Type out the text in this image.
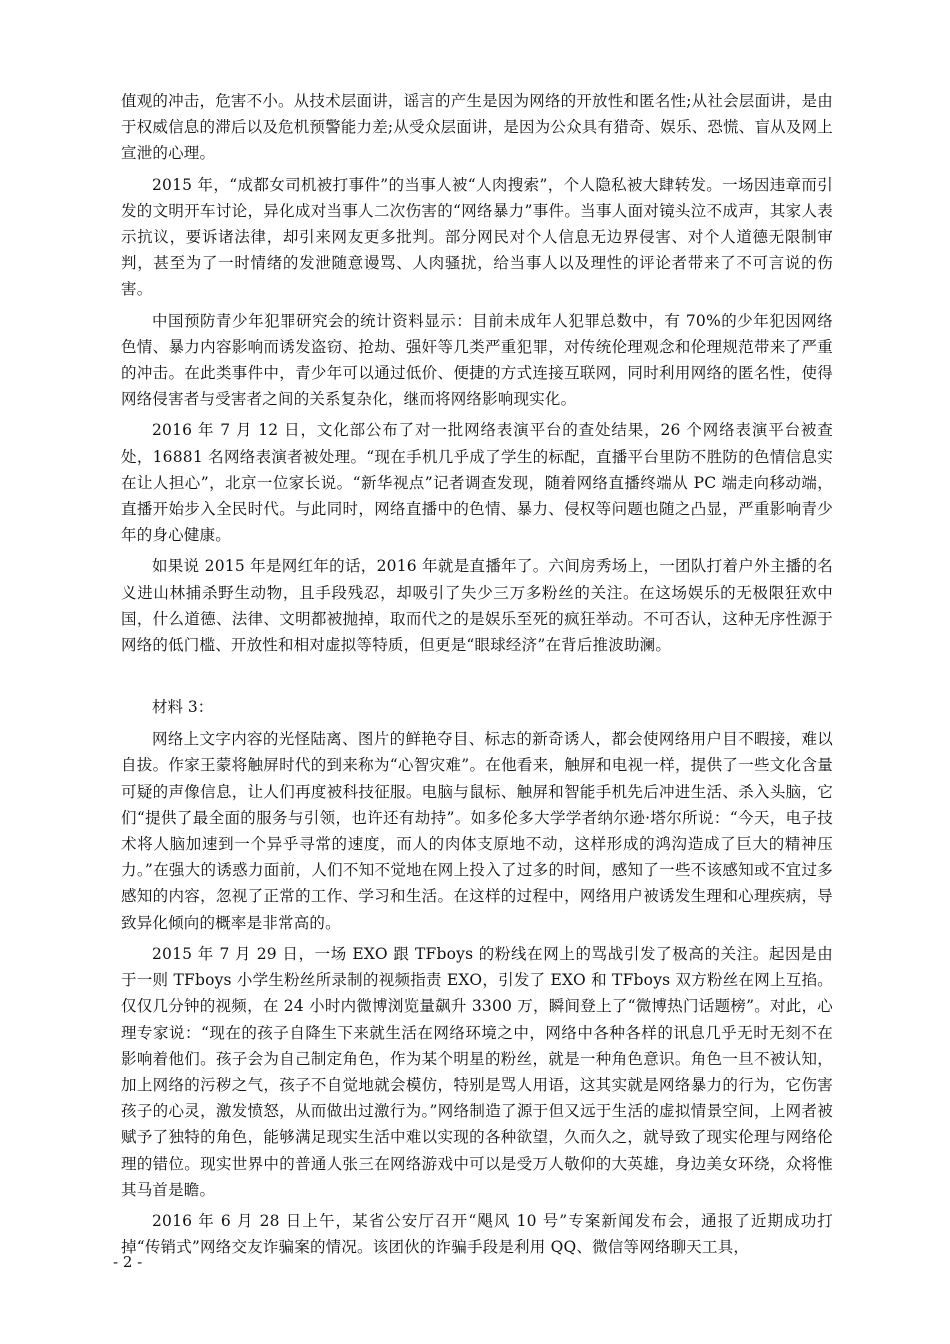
值观的冲击，危害不小。从技术层面讲，谣言的产生是因为网络的开放性和匿名性;从社会层面讲，是由于权威信息的滞后以及危机预警能力差;从受众层面讲，是因为公众具有猎奇、娱乐、恐慌、盲从及网上宣泄的心理。

2015 年，“成都女司机被打事件”的当事人被“人肉搜索”，个人隐私被大肆转发。一场因违章而引发的文明开车讨论，异化成对当事人二次伤害的“网络暴力”事件。当事人面对镜头泣不成声，其家人表示抗议，要诉诸法律，却引来网友更多批判。部分网民对个人信息无边界侵害、对个人道德无限制审判，甚至为了一时情绪的发泄随意谩骂、人肉骚扰，给当事人以及理性的评论者带来了不可言说的伤害。

中国预防青少年犯罪研究会的统计资料显示：目前未成年人犯罪总数中，有 70%的少年犯因网络色情、暴力内容影响而诱发盗窃、抢劫、强奸等几类严重犯罪，对传统伦理观念和伦理规范带来了严重的冲击。在此类事件中，青少年可以通过低价、便捷的方式连接互联网，同时利用网络的匿名性，使得网络侵害者与受害者之间的关系复杂化，继而将网络影响现实化。

2016 年 7 月 12 日，文化部公布了对一批网络表演平台的查处结果，26 个网络表演平台被查处，16881 名网络表演者被处理。“现在手机几乎成了学生的标配，直播平台里防不胜防的色情信息实在让人担心”，北京一位家长说。“新华视点”记者调查发现，随着网络直播终端从 PC 端走向移动端，直播开始步入全民时代。与此同时，网络直播中的色情、暴力、侵权等问题也随之凸显，严重影响青少年的身心健康。

如果说 2015 年是网红年的话，2016 年就是直播年了。六间房秀场上，一团队打着户外主播的名义进山林捕杀野生动物，且手段残忍，却吸引了失少三万多粉丝的关注。在这场娱乐的无极限狂欢中国，什么道德、法律、文明都被抛掉，取而代之的是娱乐至死的疯狂举动。不可否认，这种无序性源于网络的低门槛、开放性和相对虚拟等特质，但更是“眼球经济”在背后推波助澜。

材料 3：

网络上文字内容的光怪陆离、图片的鲜艳夺目、标志的新奇诱人，都会使网络用户目不暇接，难以自拔。作家王蒙将触屏时代的到来称为“心智灾难”。在他看来，触屏和电视一样，提供了一些文化含量可疑的声像信息，让人们再度被科技征服。电脑与鼠标、触屏和智能手机先后冲进生活、杀入头脑，它们“提供了最全面的服务与引领，也许还有劫持”。如多伦多大学学者纳尔逊·塔尔所说：“今天，电子技术将人脑加速到一个异乎寻常的速度，而人的肉体支原地不动，这样形成的鸿沟造成了巨大的精神压力。”在强大的诱惑力面前，人们不知不觉地在网上投入了过多的时间，感知了一些不该感知或不宜过多感知的内容，忽视了正常的工作、学习和生活。在这样的过程中，网络用户被诱发生理和心理疾病，导致异化倾向的概率是非常高的。

2015 年 7 月 29 日，一场 EXO 跟 TFboys 的粉线在网上的骂战引发了极高的关注。起因是由于一则 TFboys 小学生粉丝所录制的视频指责 EXO，引发了 EXO 和 TFboys 双方粉丝在网上互掐。仅仅几分钟的视频，在 24 小时内微博浏览量飙升 3300 万，瞬间登上了“微博热门话题榜”。对此，心理专家说：“现在的孩子自降生下来就生活在网络环境之中，网络中各种各样的讯息几乎无时无刻不在影响着他们。孩子会为自己制定角色，作为某个明星的粉丝，就是一种角色意识。角色一旦不被认知，加上网络的污秽之气，孩子不自觉地就会模仿，特别是骂人用语，这其实就是网络暴力的行为，它伤害孩子的心灵，激发愤怒，从而做出过激行为。”网络制造了源于但又远于生活的虚拟情景空间，上网者被赋予了独特的角色，能够满足现实生活中难以实现的各种欲望，久而久之，就导致了现实伦理与网络伦理的错位。现实世界中的普通人张三在网络游戏中可以是受万人敬仰的大英雄，身边美女环绕，众将惟其马首是瞻。

2016 年 6 月 28 日上午，某省公安厅召开“飓风 10 号”专案新闻发布会，通报了近期成功打掉“传销式”网络交友诈骗案的情况。该团伙的诈骗手段是利用 QQ、微信等网络聊天工具，

- 2 -
